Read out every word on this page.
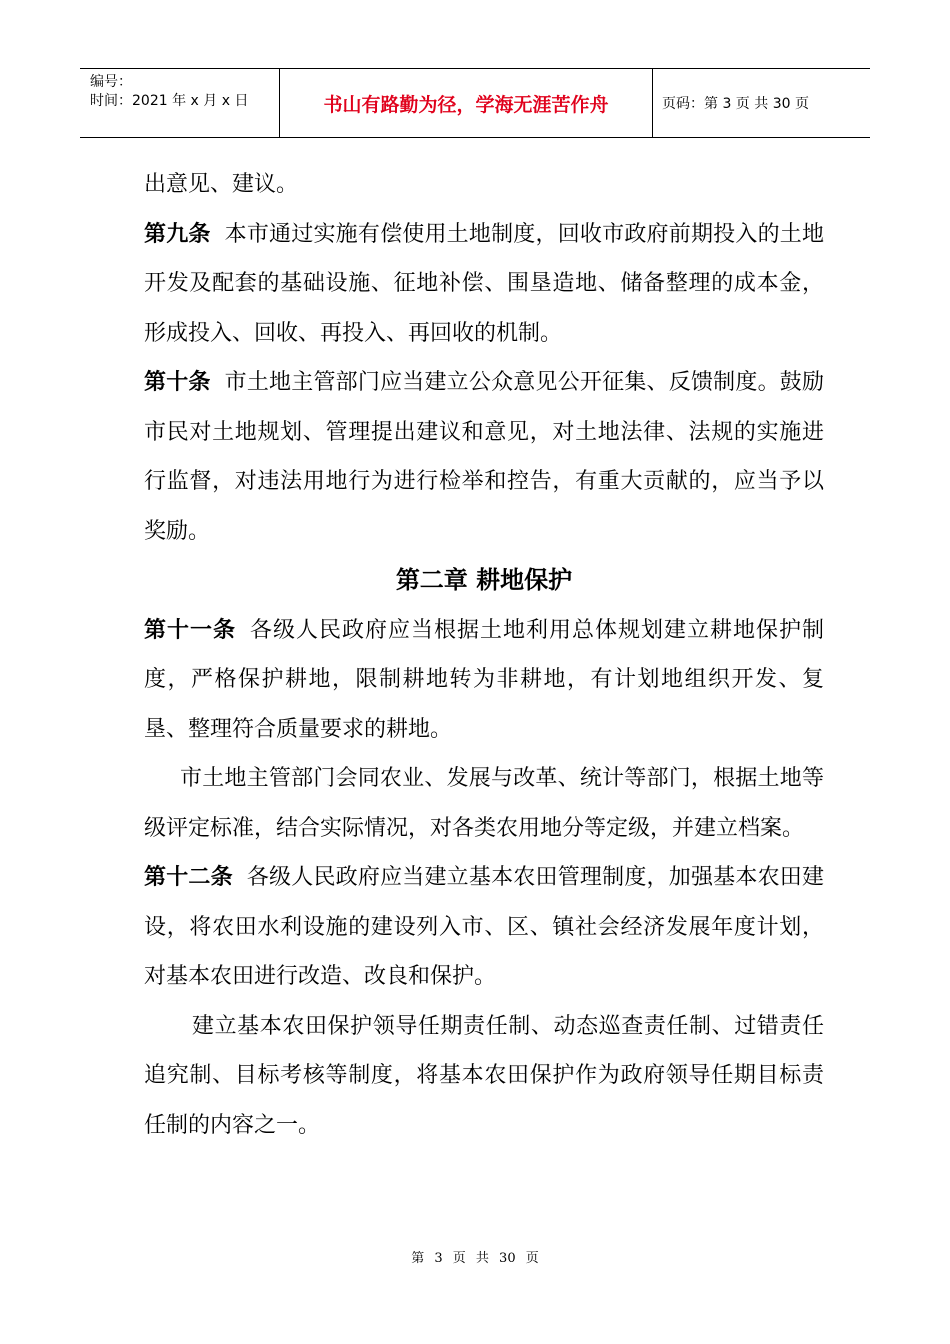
编号：
时间：2021 年 x 月 x 日	书山有路勤为径，学海无涯苦作舟	页码：第 3 页 共 30 页

出意见、建议。

第九条 本市通过实施有偿使用土地制度，回收市政府前期投入的土地开发及配套的基础设施、征地补偿、围垦造地、储备整理的成本金，形成投入、回收、再投入、再回收的机制。

第十条 市土地主管部门应当建立公众意见公开征集、反馈制度。鼓励市民对土地规划、管理提出建议和意见，对土地法律、法规的实施进行监督，对违法用地行为进行检举和控告，有重大贡献的，应当予以奖励。

第二章 耕地保护

第十一条 各级人民政府应当根据土地利用总体规划建立耕地保护制度，严格保护耕地，限制耕地转为非耕地，有计划地组织开发、复垦、整理符合质量要求的耕地。

市土地主管部门会同农业、发展与改革、统计等部门，根据土地等级评定标准，结合实际情况，对各类农用地分等定级，并建立档案。

第十二条 各级人民政府应当建立基本农田管理制度，加强基本农田建设，将农田水利设施的建设列入市、区、镇社会经济发展年度计划，对基本农田进行改造、改良和保护。

建立基本农田保护领导任期责任制、动态巡查责任制、过错责任追究制、目标考核等制度，将基本农田保护作为政府领导任期目标责任制的内容之一。

第 3 页 共 30 页
